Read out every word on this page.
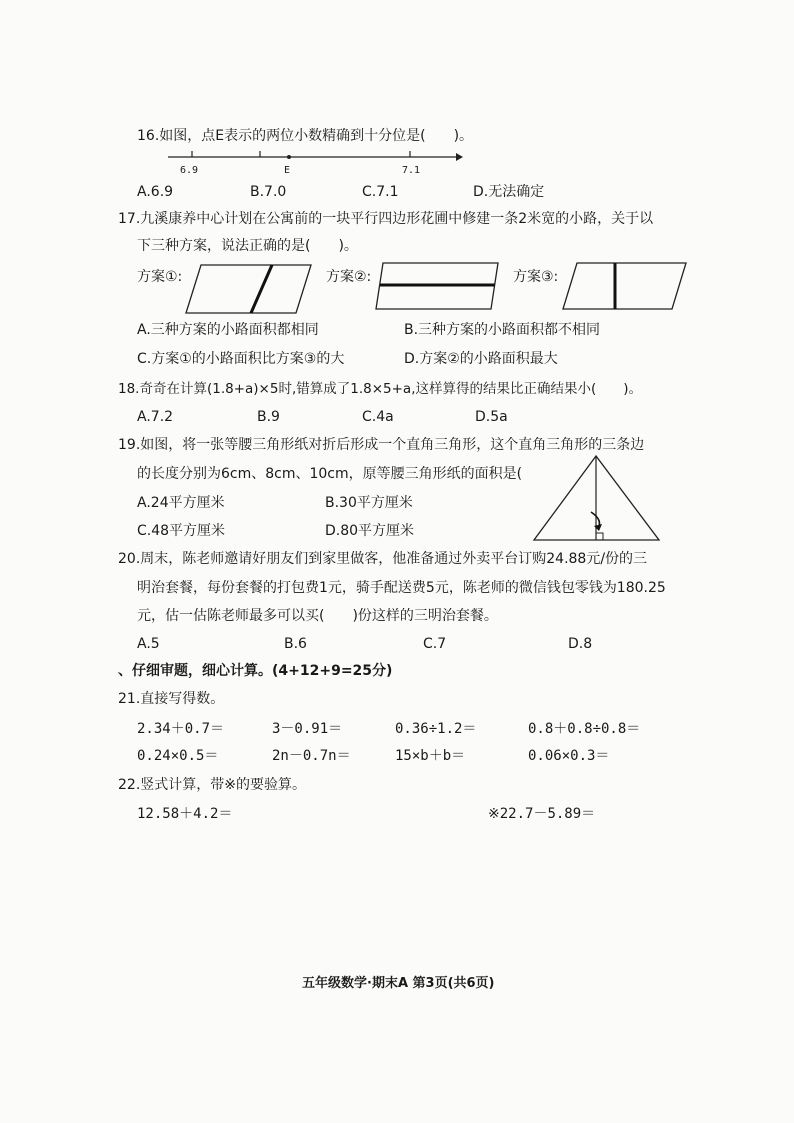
16.如图，点E表示的两位小数精确到十分位是(　　)。
6.9	E	7.1
A.6.9	B.7.0	C.7.1	D.无法确定
17.九溪康养中心计划在公寓前的一块平行四边形花圃中修建一条2米宽的小路，关于以
下三种方案，说法正确的是(　　)。
方案①:	方案②:	方案③:
A.三种方案的小路面积都相同	B.三种方案的小路面积都不相同
C.方案①的小路面积比方案③的大	D.方案②的小路面积最大
18.奇奇在计算(1.8+a)×5时,错算成了1.8×5+a,这样算得的结果比正确结果小(　　)。
A.7.2	B.9	C.4a	D.5a
19.如图，将一张等腰三角形纸对折后形成一个直角三角形，这个直角三角形的三条边
的长度分别为6cm、8cm、10cm，原等腰三角形纸的面积是(
A.24平方厘米	B.30平方厘米
C.48平方厘米	D.80平方厘米
20.周末，陈老师邀请好朋友们到家里做客，他准备通过外卖平台订购24.88元/份的三
明治套餐，每份套餐的打包费1元，骑手配送费5元，陈老师的微信钱包零钱为180.25
元，估一估陈老师最多可以买(　　)份这样的三明治套餐。
A.5	B.6	C.7	D.8
、仔细审题，细心计算。(4+12+9=25分)
21.直接写得数。
2.34＋0.7＝	3－0.91＝	0.36÷1.2＝	0.8＋0.8÷0.8＝
0.24×0.5＝	2n－0.7n＝	15×b＋b＝	0.06×0.3＝
22.竖式计算，带※的要验算。
12.58＋4.2＝	※22.7－5.89＝
五年级数学·期末A 第3页(共6页)
